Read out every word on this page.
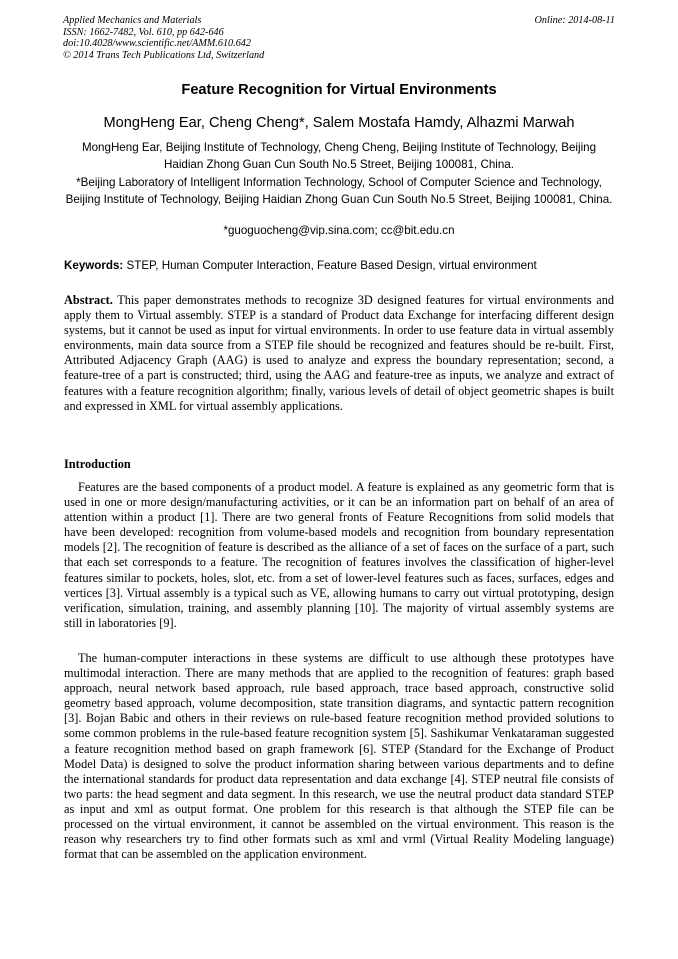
Applied Mechanics and Materials
ISSN: 1662-7482, Vol. 610, pp 642-646
doi:10.4028/www.scientific.net/AMM.610.642
© 2014 Trans Tech Publications Ltd, Switzerland
Online: 2014-08-11
Feature Recognition for Virtual Environments
MongHeng Ear, Cheng Cheng*, Salem Mostafa Hamdy, Alhazmi Marwah
MongHeng Ear, Beijing Institute of Technology, Cheng Cheng, Beijing Institute of Technology, Beijing Haidian Zhong Guan Cun South No.5 Street, Beijing 100081, China.
*Beijing Laboratory of Intelligent Information Technology, School of Computer Science and Technology, Beijing Institute of Technology, Beijing Haidian Zhong Guan Cun South No.5 Street, Beijing 100081, China.
*guoguocheng@vip.sina.com; cc@bit.edu.cn
Keywords: STEP, Human Computer Interaction, Feature Based Design, virtual environment
Abstract. This paper demonstrates methods to recognize 3D designed features for virtual environments and apply them to Virtual assembly. STEP is a standard of Product data Exchange for interfacing different design systems, but it cannot be used as input for virtual environments. In order to use feature data in virtual assembly environments, main data source from a STEP file should be recognized and features should be re-built. First, Attributed Adjacency Graph (AAG) is used to analyze and express the boundary representation; second, a feature-tree of a part is constructed; third, using the AAG and feature-tree as inputs, we analyze and extract of features with a feature recognition algorithm; finally, various levels of detail of object geometric shapes is built and expressed in XML for virtual assembly applications.
Introduction

Features are the based components of a product model. A feature is explained as any geometric form that is used in one or more design/manufacturing activities, or it can be an information part on behalf of an area of attention within a product [1]. There are two general fronts of Feature Recognitions from solid models that have been developed: recognition from volume-based models and recognition from boundary representation models [2]. The recognition of feature is described as the alliance of a set of faces on the surface of a part, such that each set corresponds to a feature. The recognition of features involves the classification of higher-level features similar to pockets, holes, slot, etc. from a set of lower-level features such as faces, surfaces, edges and vertices [3]. Virtual assembly is a typical such as VE, allowing humans to carry out virtual prototyping, design verification, simulation, training, and assembly planning [10]. The majority of virtual assembly systems are still in laboratories [9].

The human-computer interactions in these systems are difficult to use although these prototypes have multimodal interaction. There are many methods that are applied to the recognition of features: graph based approach, neural network based approach, rule based approach, trace based approach, constructive solid geometry based approach, volume decomposition, state transition diagrams, and syntactic pattern recognition [3]. Bojan Babic and others in their reviews on rule-based feature recognition method provided solutions to some common problems in the rule-based feature recognition system [5]. Sashikumar Venkataraman suggested a feature recognition method based on graph framework [6]. STEP (Standard for the Exchange of Product Model Data) is designed to solve the product information sharing between various departments and to define the international standards for product data representation and data exchange [4]. STEP neutral file consists of two parts: the head segment and data segment. In this research, we use the neutral product data standard STEP as input and xml as output format. One problem for this research is that although the STEP file can be processed on the virtual environment, it cannot be assembled on the virtual environment. This reason is the reason why researchers try to find other formats such as xml and vrml (Virtual Reality Modeling language) format that can be assembled on the application environment.
